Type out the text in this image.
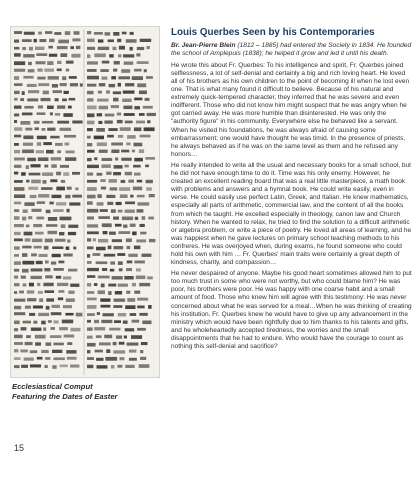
Ecclesiastical Comput
Featuring the Dates of Easter
15
Louis Querbes Seen by his Contemporaries

Br. Jean-Pierre Blein (1812 – 1885) had entered the Society in 1834. He founded the school of Amplepuis (1838); he helped it grow and led it until his death.

He wrote this about Fr. Querbes: To his intelligence and spirit, Fr. Querbes joined selflessness, a lot of self-denial and certainly a big and rich loving heart. He loved all of his brothers as his own children to the point of becoming ill when he lost even one. That is what many found it difficult to believe. Because of his natural and extremely quick-tempered character, they inferred that he was severe and even indifferent. Those who did not know him might suspect that he was angry when he got carried away. He was more humble than disinterested. He was only the "authority figure" in his community. Everywhere else he behaved like a servant. When he visited his foundations, he was always afraid of causing some embarrassment; one would have thought he was timid. In the presence of priests, he always behaved as if he was on the same level as them and he refused any honors…

He really intended to write all the usual and necessary books for a small school, but he did not have enough time to do it. Time was his only enemy. However, he created an excellent reading board that was a real little masterpiece, a math book with problems and answers and a hymnal book. He could write easily, even in verse. He could easily use perfect Latin, Greek, and Italian. He knew mathematics, especially all parts of arithmetic, commercial law, and the content of all the books from which he taught. He excelled especially in theology, canon law and Church history. When he wanted to relax, he tried to find the solution to a difficult arithmetic or algebra problem, or write a piece of poetry. He loved all areas of learning, and he was happiest when he gave lectures on primary school teaching methods to his confreres. He was overjoyed when, during exams, he found someone who could hold his own with him … Fr. Querbes' main traits were certainly a great depth of kindness, charity, and compassion…

He never despaired of anyone. Maybe his good heart sometimes allowed him to put too much trust in some who were not worthy, but who could blame him? He was poor, his brothers were poor. He was happy with one coarse habit and a small amount of food. Those who knew him will agree with this testimony: He was never concerned about what he was served for a meal…When he was thinking of creating his institution, Fr. Querbes knew he would have to give up any advancement in the ministry which would have been rightfully due to him thanks to his talents and gifts, and he wholeheartedly accepted tiredness, the worries and the small disappointments that he had to endure. Who would have the courage to count as nothing this self-denial and sacrifice?
